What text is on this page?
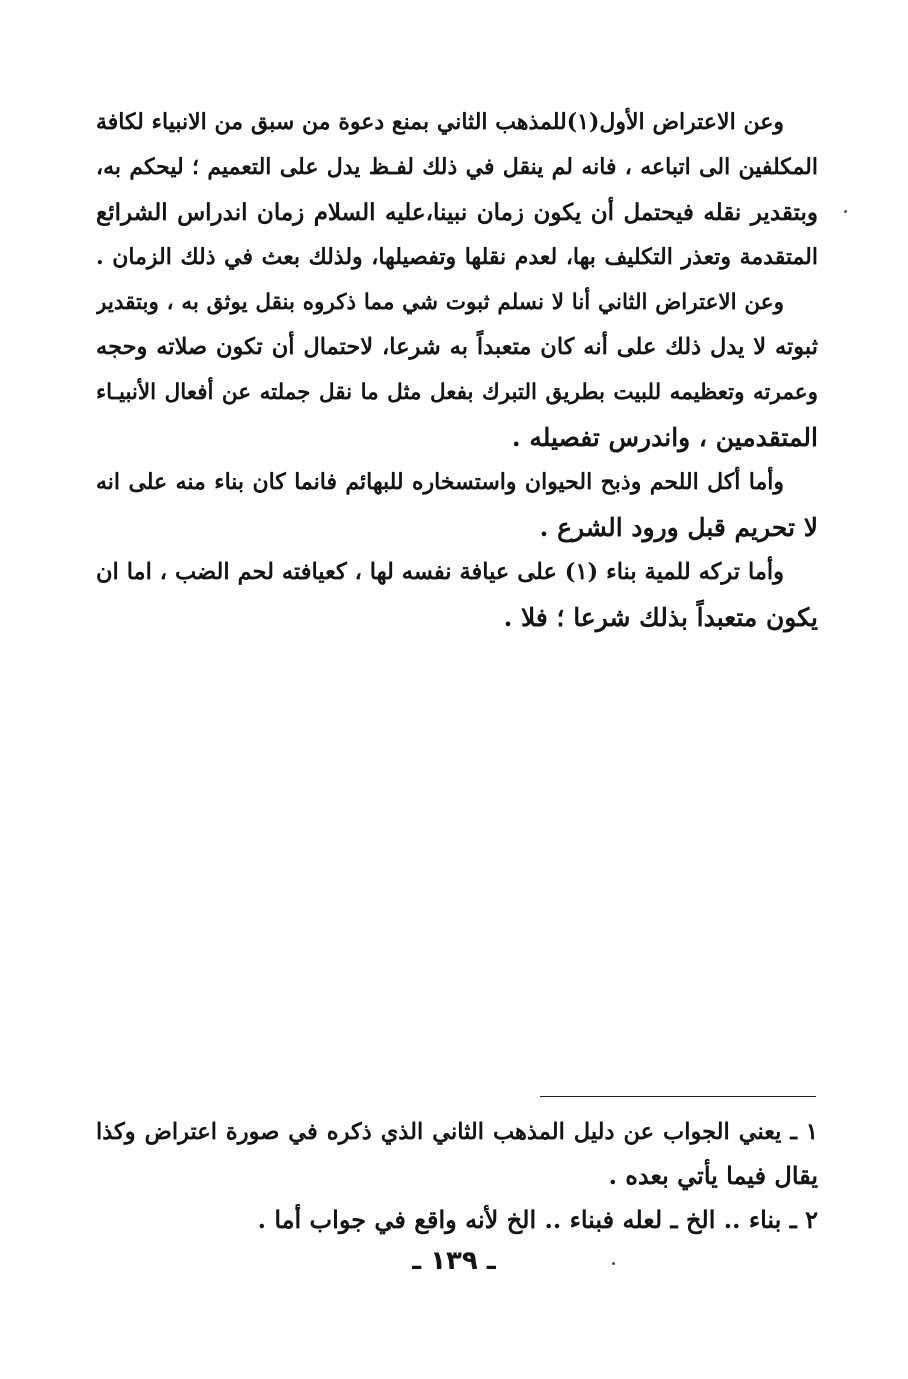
وعن الاعتراض الأول(١)للمذهب الثاني بمنع دعوة من سبق من الانبياء لكافة
المكلفين الى اتباعه ، فانه لم ينقل في ذلك لفـظ يدل على التعميم ؛ ليحكم به،
وبتقدير نقله فيحتمل أن يكون زمان نبينا،عليه السلام زمان اندراس الشرائع
المتقدمة وتعذر التكليف بها، لعدم نقلها وتفصيلها، ولذلك بعث في ذلك الزمان .
وعن الاعتراض الثاني أنا لا نسلم ثبوت شي مما ذكروه بنقل يوثق به ، وبتقدير
ثبوته لا يدل ذلك على أنه كان متعبداً به شرعا، لاحتمال أن تكون صلاته وحجه
وعمرته وتعظيمه للبيت بطريق التبرك بفعل مثل ما نقل جملته عن أفعال الأنبيـاء
المتقدمين ، واندرس تفصيله .
وأما أكل اللحم وذبح الحيوان واستسخاره للبهائم فانما كان بناء منه على انه
لا تحريم قبل ورود الشرع .
وأما تركه للمية بناء (١) على عيافة نفسه لها ، كعيافته لحم الضب ، اما ان
يكون متعبداً بذلك شرعا ؛ فلا .
١ ـ يعني الجواب عن دليل المذهب الثاني الذي ذكره في صورة اعتراض وكذا
يقال فيما يأتي بعده .
٢ ـ بناء .. الخ ـ لعله فبناء .. الخ لأنه واقع في جواب أما .
ـ ١٣٩ ـ
